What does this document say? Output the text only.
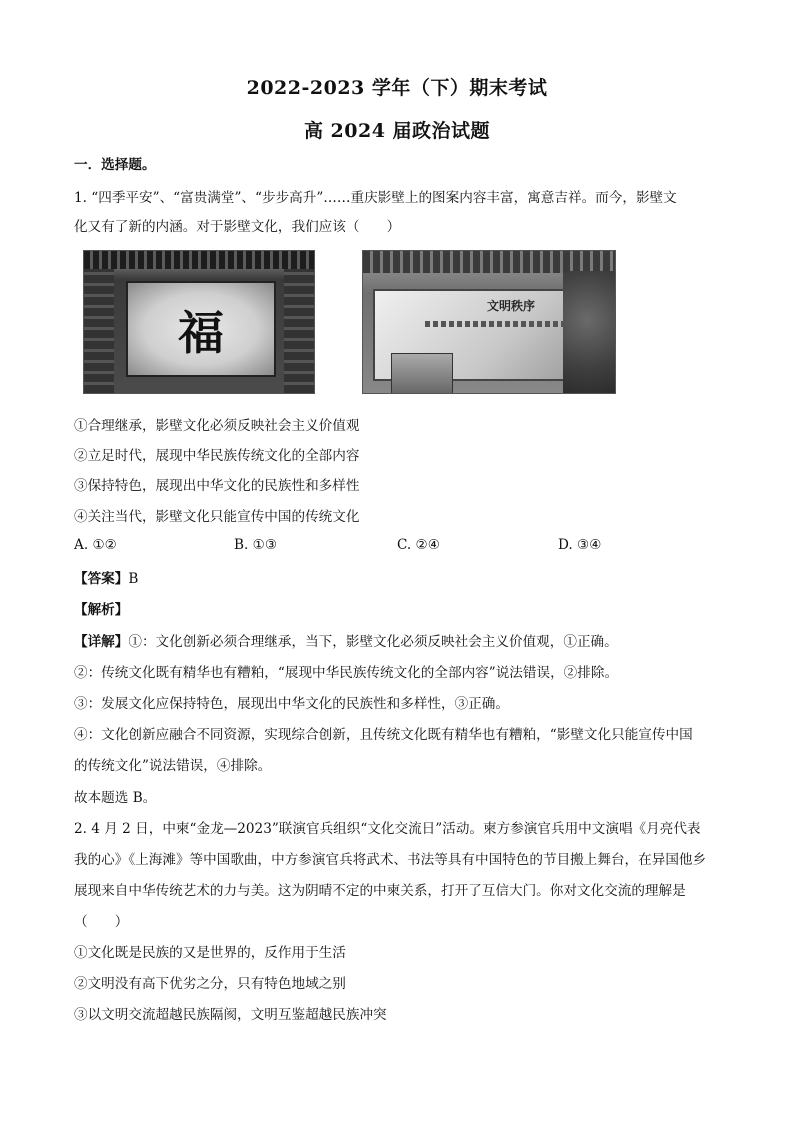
2022-2023 学年（下）期末考试
高 2024 届政治试题
一．选择题。
1. “四季平安”、“富贵满堂”、“步步高升”……重庆影壁上的图案内容丰富，寓意吉祥。而今，影壁文
化又有了新的内涵。对于影壁文化，我们应该（　　）
福	文明秩序
①合理继承，影壁文化必须反映社会主义价值观
②立足时代，展现中华民族传统文化的全部内容
③保持特色，展现出中华文化的民族性和多样性
④关注当代，影壁文化只能宣传中国的传统文化
A. ①②	B. ①③	C. ②④	D. ③④
【答案】B
【解析】
【详解】①：文化创新必须合理继承，当下，影壁文化必须反映社会主义价值观，①正确。
②：传统文化既有精华也有糟粕，“展现中华民族传统文化的全部内容”说法错误，②排除。
③：发展文化应保持特色，展现出中华文化的民族性和多样性，③正确。
④：文化创新应融合不同资源，实现综合创新，且传统文化既有精华也有糟粕，“影壁文化只能宣传中国
的传统文化”说法错误，④排除。
故本题选 B。
2. 4 月 2 日，中柬“金龙—2023”联演官兵组织“文化交流日”活动。柬方参演官兵用中文演唱《月亮代表
我的心》《上海滩》等中国歌曲，中方参演官兵将武术、书法等具有中国特色的节目搬上舞台，在异国他乡
展现来自中华传统艺术的力与美。这为阴晴不定的中柬关系，打开了互信大门。你对文化交流的理解是
（　　）
①文化既是民族的又是世界的，反作用于生活
②文明没有高下优劣之分，只有特色地域之别
③以文明交流超越民族隔阂，文明互鉴超越民族冲突
